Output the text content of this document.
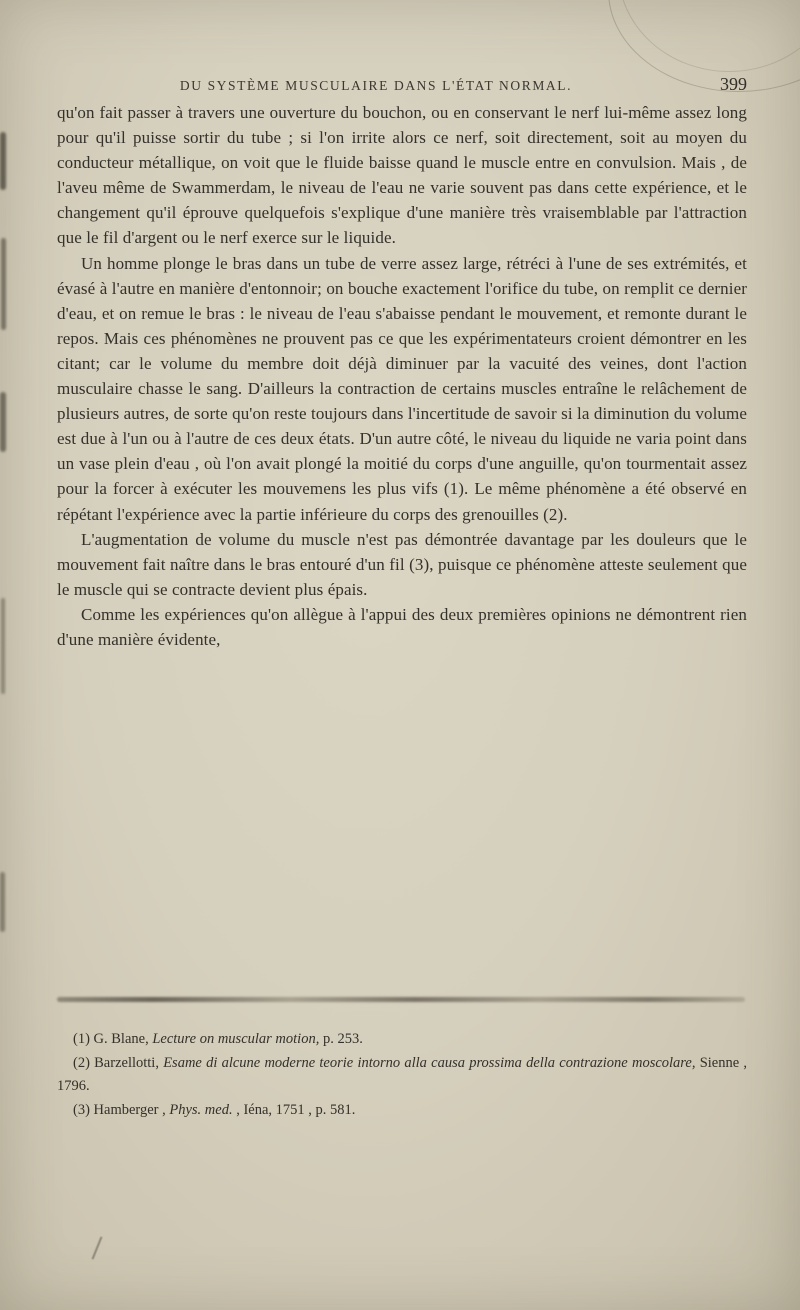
DU SYSTÈME MUSCULAIRE DANS L'ÉTAT NORMAL.	399

qu'on fait passer à travers une ouverture du bouchon, ou en conservant le nerf lui-même assez long pour qu'il puisse sortir du tube ; si l'on irrite alors ce nerf, soit directement, soit au moyen du conducteur métallique, on voit que le fluide baisse quand le muscle entre en convulsion. Mais , de l'aveu même de Swammerdam, le niveau de l'eau ne varie souvent pas dans cette expérience, et le changement qu'il éprouve quelquefois s'explique d'une manière très vraisemblable par l'attraction que le fil d'argent ou le nerf exerce sur le liquide.

Un homme plonge le bras dans un tube de verre assez large, rétréci à l'une de ses extrémités, et évasé à l'autre en manière d'entonnoir; on bouche exactement l'orifice du tube, on remplit ce dernier d'eau, et on remue le bras : le niveau de l'eau s'abaisse pendant le mouvement, et remonte durant le repos. Mais ces phénomènes ne prouvent pas ce que les expérimentateurs croient démontrer en les citant; car le volume du membre doit déjà diminuer par la vacuité des veines, dont l'action musculaire chasse le sang. D'ailleurs la contraction de certains muscles entraîne le relâchement de plusieurs autres, de sorte qu'on reste toujours dans l'incertitude de savoir si la diminution du volume est due à l'un ou à l'autre de ces deux états. D'un autre côté, le niveau du liquide ne varia point dans un vase plein d'eau , où l'on avait plongé la moitié du corps d'une anguille, qu'on tourmentait assez pour la forcer à exécuter les mouvemens les plus vifs (1). Le même phénomène a été observé en répétant l'expérience avec la partie inférieure du corps des grenouilles (2).

L'augmentation de volume du muscle n'est pas démontrée davantage par les douleurs que le mouvement fait naître dans le bras entouré d'un fil (3), puisque ce phénomène atteste seulement que le muscle qui se contracte devient plus épais.

Comme les expériences qu'on allègue à l'appui des deux premières opinions ne démontrent rien d'une manière évidente,

(1) G. Blane, Lecture on muscular motion, p. 253.

(2) Barzellotti, Esame di alcune moderne teorie intorno alla causa prossima della contrazione moscolare, Sienne , 1796.

(3) Hamberger , Phys. med. , Iéna, 1751 , p. 581.
